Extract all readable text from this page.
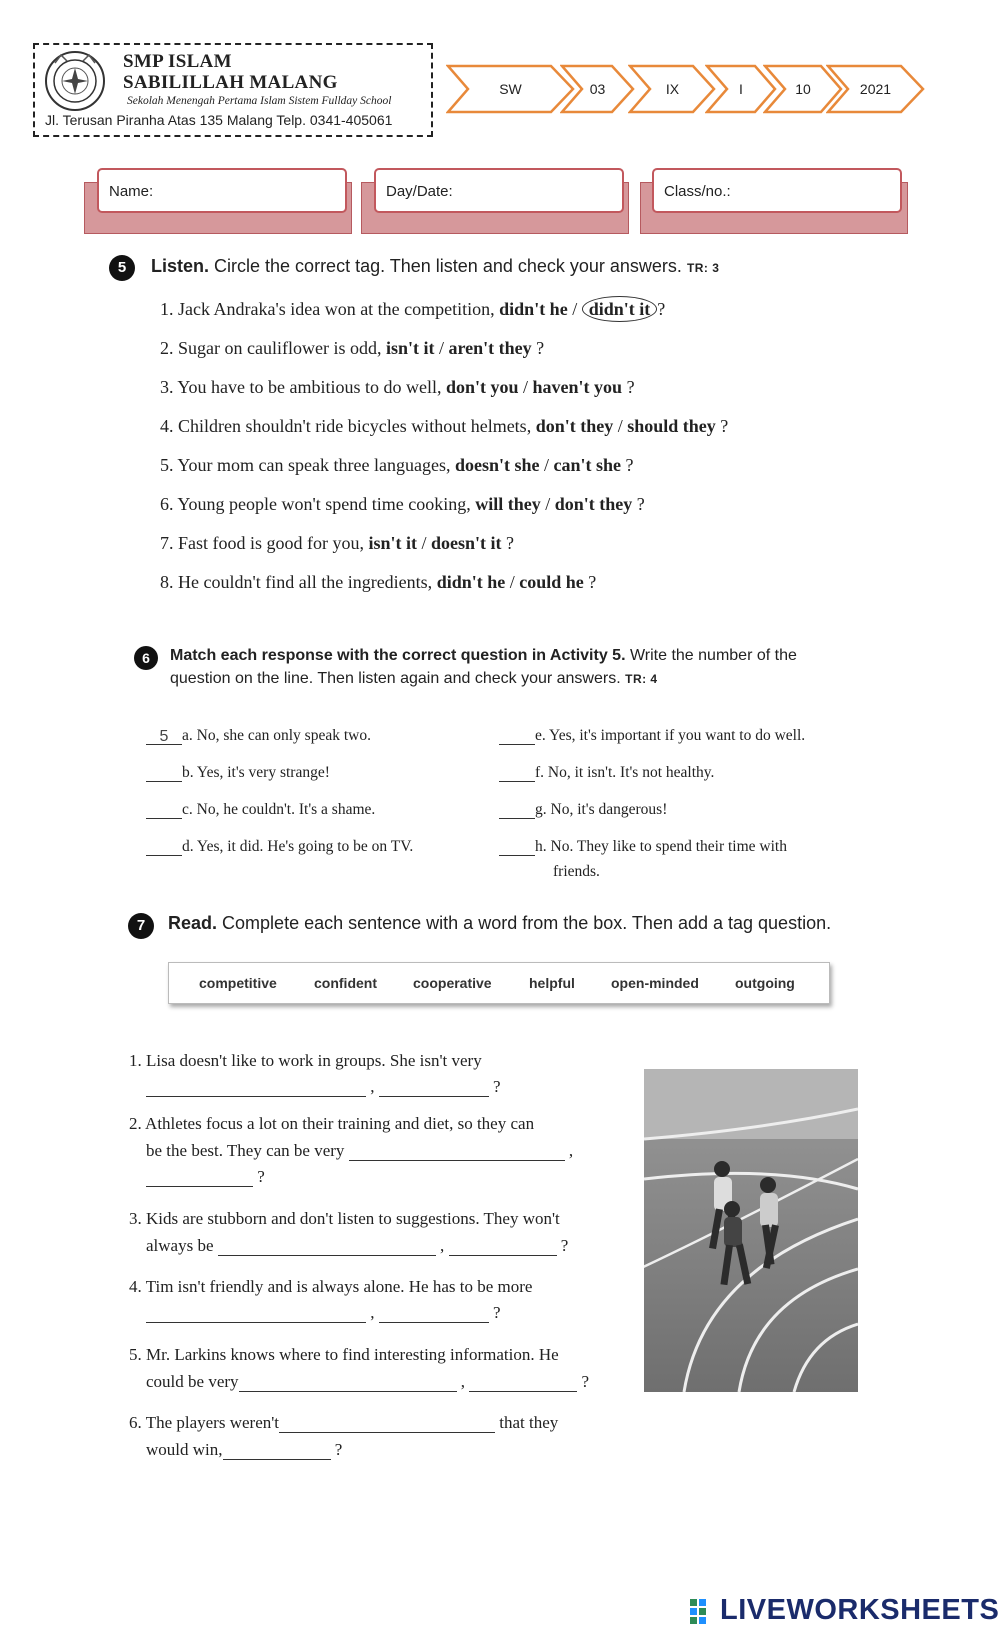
SMP ISLAM
SABILILLAH MALANG
Sekolah Menengah Pertama Islam Sistem Fullday School
Jl. Terusan Piranha Atas 135 Malang Telp. 0341-405061
SW	03	IX	I	10	2021
Name:	Day/Date:	Class/no.:
5	Listen. Circle the correct tag. Then listen and check your answers. TR: 3
1. Jack Andraka's idea won at the competition, didn't he / didn't it ?
2. Sugar on cauliflower is odd, isn't it / aren't they ?
3. You have to be ambitious to do well, don't you / haven't you ?
4. Children shouldn't ride bicycles without helmets, don't they / should they ?
5. Your mom can speak three languages, doesn't she / can't she ?
6. Young people won't spend time cooking, will they / don't they ?
7. Fast food is good for you, isn't it / doesn't it ?
8. He couldn't find all the ingredients, didn't he / could he ?
6	Match each response with the correct question in Activity 5. Write the number of the
question on the line. Then listen again and check your answers. TR: 4
5 a. No, she can only speak two.
b. Yes, it's very strange!
c. No, he couldn't. It's a shame.
d. Yes, it did. He's going to be on TV.
e. Yes, it's important if you want to do well.
f. No, it isn't. It's not healthy.
g. No, it's dangerous!
h. No. They like to spend their time with
friends.
7	Read. Complete each sentence with a word from the box. Then add a tag question.
competitive	confident	cooperative	helpful	open-minded	outgoing
1. Lisa doesn't like to work in groups. She isn't very
,	?
2. Athletes focus a lot on their training and diet, so they can
be the best. They can be very	,
?
3. Kids are stubborn and don't listen to suggestions. They won't
always be	,	?
4. Tim isn't friendly and is always alone. He has to be more
,	?
5. Mr. Larkins knows where to find interesting information. He
could be very	,	?
6. The players weren't	that they
would win,	?
LIVEWORKSHEETS
